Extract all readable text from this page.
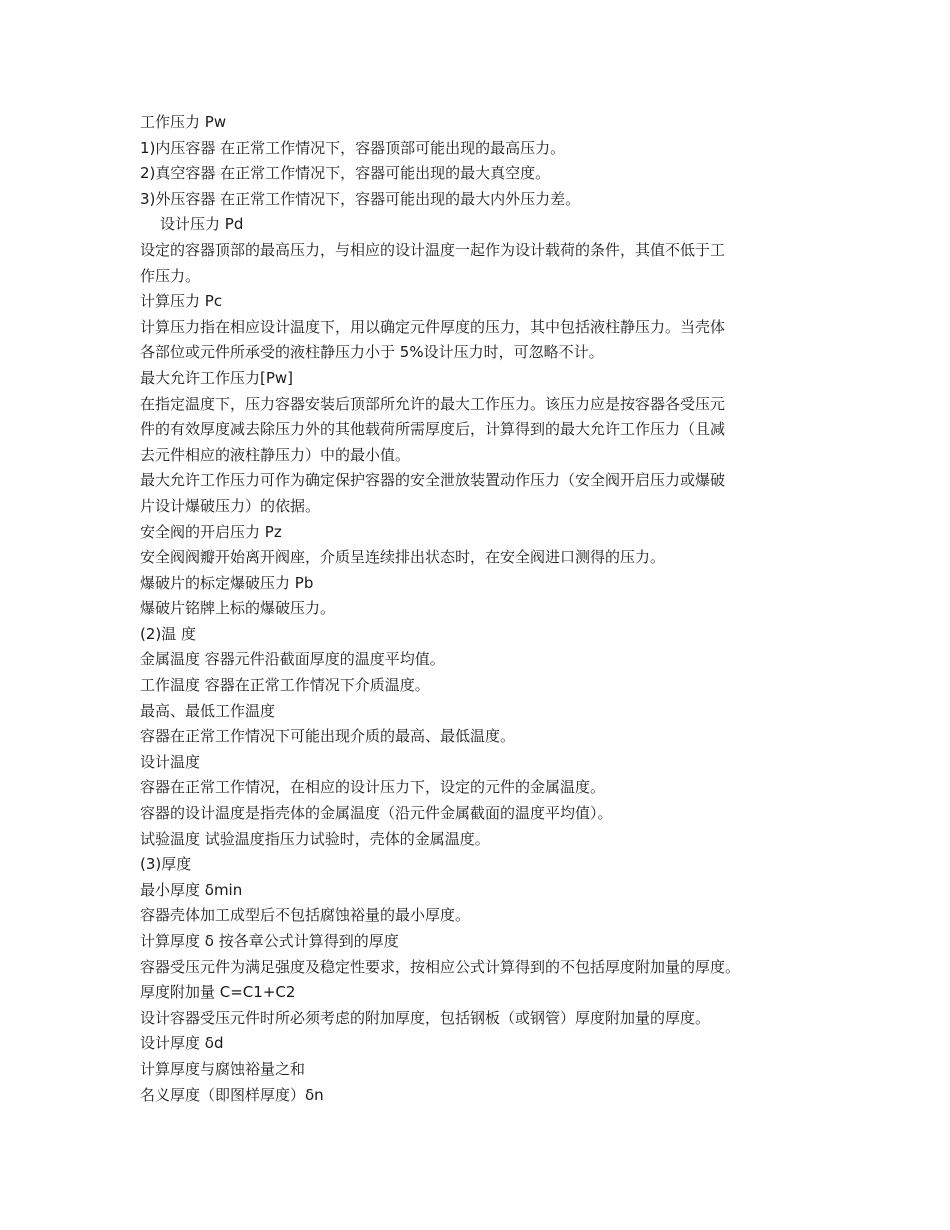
工作压力 Pw

1)内压容器 在正常工作情况下，容器顶部可能出现的最高压力。

2)真空容器 在正常工作情况下，容器可能出现的最大真空度。

3)外压容器 在正常工作情况下，容器可能出现的最大内外压力差。

设计压力 Pd

设定的容器顶部的最高压力，与相应的设计温度一起作为设计载荷的条件，其值不低于工

作压力。

计算压力 Pc

计算压力指在相应设计温度下，用以确定元件厚度的压力，其中包括液柱静压力。当壳体

各部位或元件所承受的液柱静压力小于 5%设计压力时，可忽略不计。

最大允许工作压力[Pw]

在指定温度下，压力容器安装后顶部所允许的最大工作压力。该压力应是按容器各受压元

件的有效厚度减去除压力外的其他载荷所需厚度后，计算得到的最大允许工作压力（且减

去元件相应的液柱静压力）中的最小值。

最大允许工作压力可作为确定保护容器的安全泄放装置动作压力（安全阀开启压力或爆破

片设计爆破压力）的依据。

安全阀的开启压力 Pz

安全阀阀瓣开始离开阀座，介质呈连续排出状态时，在安全阀进口测得的压力。

爆破片的标定爆破压力 Pb

爆破片铭牌上标的爆破压力。

(2)温 度

金属温度 容器元件沿截面厚度的温度平均值。

工作温度 容器在正常工作情况下介质温度。

最高、最低工作温度

容器在正常工作情况下可能出现介质的最高、最低温度。

设计温度

容器在正常工作情况，在相应的设计压力下，设定的元件的金属温度。

容器的设计温度是指壳体的金属温度（沿元件金属截面的温度平均值）。

试验温度 试验温度指压力试验时，壳体的金属温度。

(3)厚度

最小厚度 δmin

容器壳体加工成型后不包括腐蚀裕量的最小厚度。

计算厚度 δ 按各章公式计算得到的厚度

容器受压元件为满足强度及稳定性要求，按相应公式计算得到的不包括厚度附加量的厚度。

厚度附加量 C=C1+C2

设计容器受压元件时所必须考虑的附加厚度，包括钢板（或钢管）厚度附加量的厚度。

设计厚度 δd

计算厚度与腐蚀裕量之和

名义厚度（即图样厚度）δn
